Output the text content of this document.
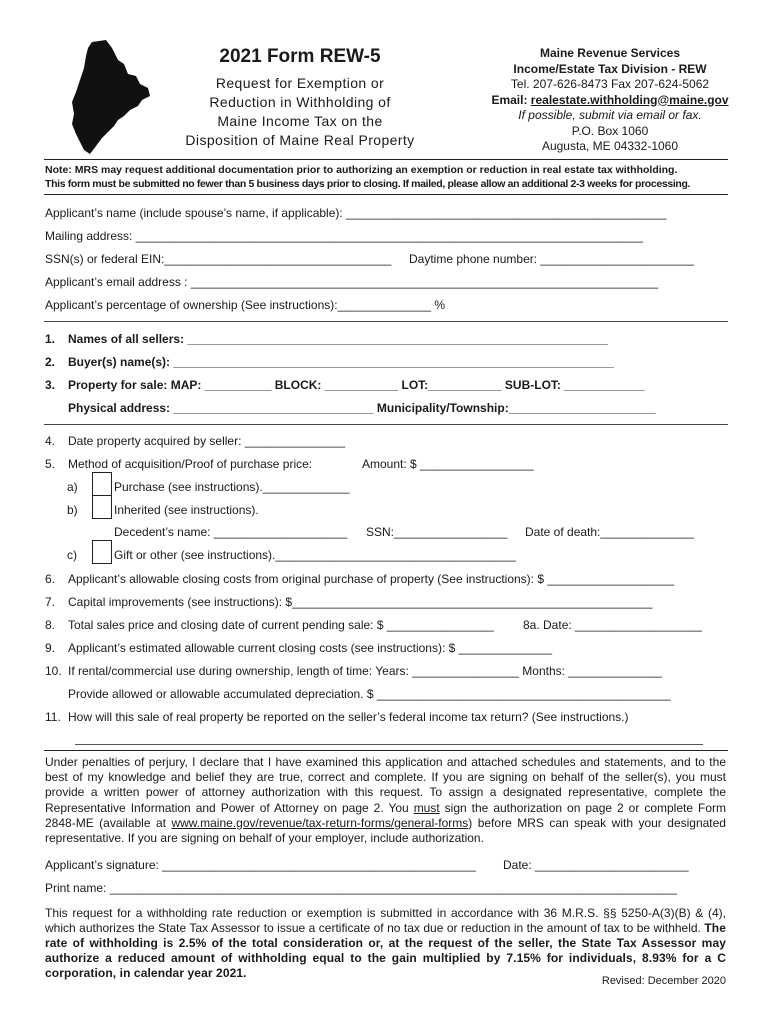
2021 Form REW-5
Request for Exemption or
Reduction in Withholding of
Maine Income Tax on the
Disposition of Maine Real Property
Maine Revenue Services
Income/Estate Tax Division - REW
Tel. 207-626-8473 Fax 207-624-5062
Email: realestate.withholding@maine.gov
If possible, submit via email or fax.
P.O. Box 1060
Augusta, ME 04332-1060
Note: MRS may request additional documentation prior to authorizing an exemption or reduction in real estate tax withholding.
This form must be submitted no fewer than 5 business days prior to closing. If mailed, please allow an additional 2-3 weeks for processing.
Applicant’s name (include spouse’s name, if applicable): ________________________________________________
Mailing address: ____________________________________________________________________________
SSN(s) or federal EIN:__________________________________ Daytime phone number: _______________________
Applicant’s email address : ______________________________________________________________________
Applicant’s percentage of ownership (See instructions):______________ %
1. Names of all sellers: _______________________________________________________________
2. Buyer(s) name(s): __________________________________________________________________
3. Property for sale: MAP: __________ BLOCK: ___________ LOT:___________ SUB-LOT: ____________
Physical address: ______________________________ Municipality/Township:______________________
4. Date property acquired by seller: _______________
5. Method of acquisition/Proof of purchase price:	Amount: $ _________________
a)	Purchase (see instructions)._____________
b)	Inherited (see instructions).
Decedent’s name: ____________________ SSN:_________________ Date of death:______________
c)	Gift or other (see instructions).____________________________________
6. Applicant’s allowable closing costs from original purchase of property (See instructions): $ ___________________
7. Capital improvements (see instructions): $______________________________________________________
8. Total sales price and closing date of current pending sale: $ ________________ 8a. Date: ___________________
9. Applicant’s estimated allowable current closing costs (see instructions): $ ______________
10. If rental/commercial use during ownership, length of time: Years: ________________ Months: ______________
Provide allowed or allowable accumulated depreciation. $ ____________________________________________
11. How will this sale of real property be reported on the seller’s federal income tax return? (See instructions.)
Under penalties of perjury, I declare that I have examined this application and attached schedules and statements, and to the best of my knowledge and belief they are true, correct and complete. If you are signing on behalf of the seller(s), you must provide a written power of attorney authorization with this request. To assign a designated representative, complete the Representative Information and Power of Attorney on page 2. You must sign the authorization on page 2 or complete Form 2848-ME (available at www.maine.gov/revenue/tax-return-forms/general-forms) before MRS can speak with your designated representative. If you are signing on behalf of your employer, include authorization.
Applicant’s signature: _______________________________________________ Date: _______________________
Print name: _____________________________________________________________________________________
This request for a withholding rate reduction or exemption is submitted in accordance with 36 M.R.S. §§ 5250-A(3)(B) & (4), which authorizes the State Tax Assessor to issue a certificate of no tax due or reduction in the amount of tax to be withheld. The rate of withholding is 2.5% of the total consideration or, at the request of the seller, the State Tax Assessor may authorize a reduced amount of withholding equal to the gain multiplied by 7.15% for individuals, 8.93% for a C corporation, in calendar year 2021.
Revised: December 2020
